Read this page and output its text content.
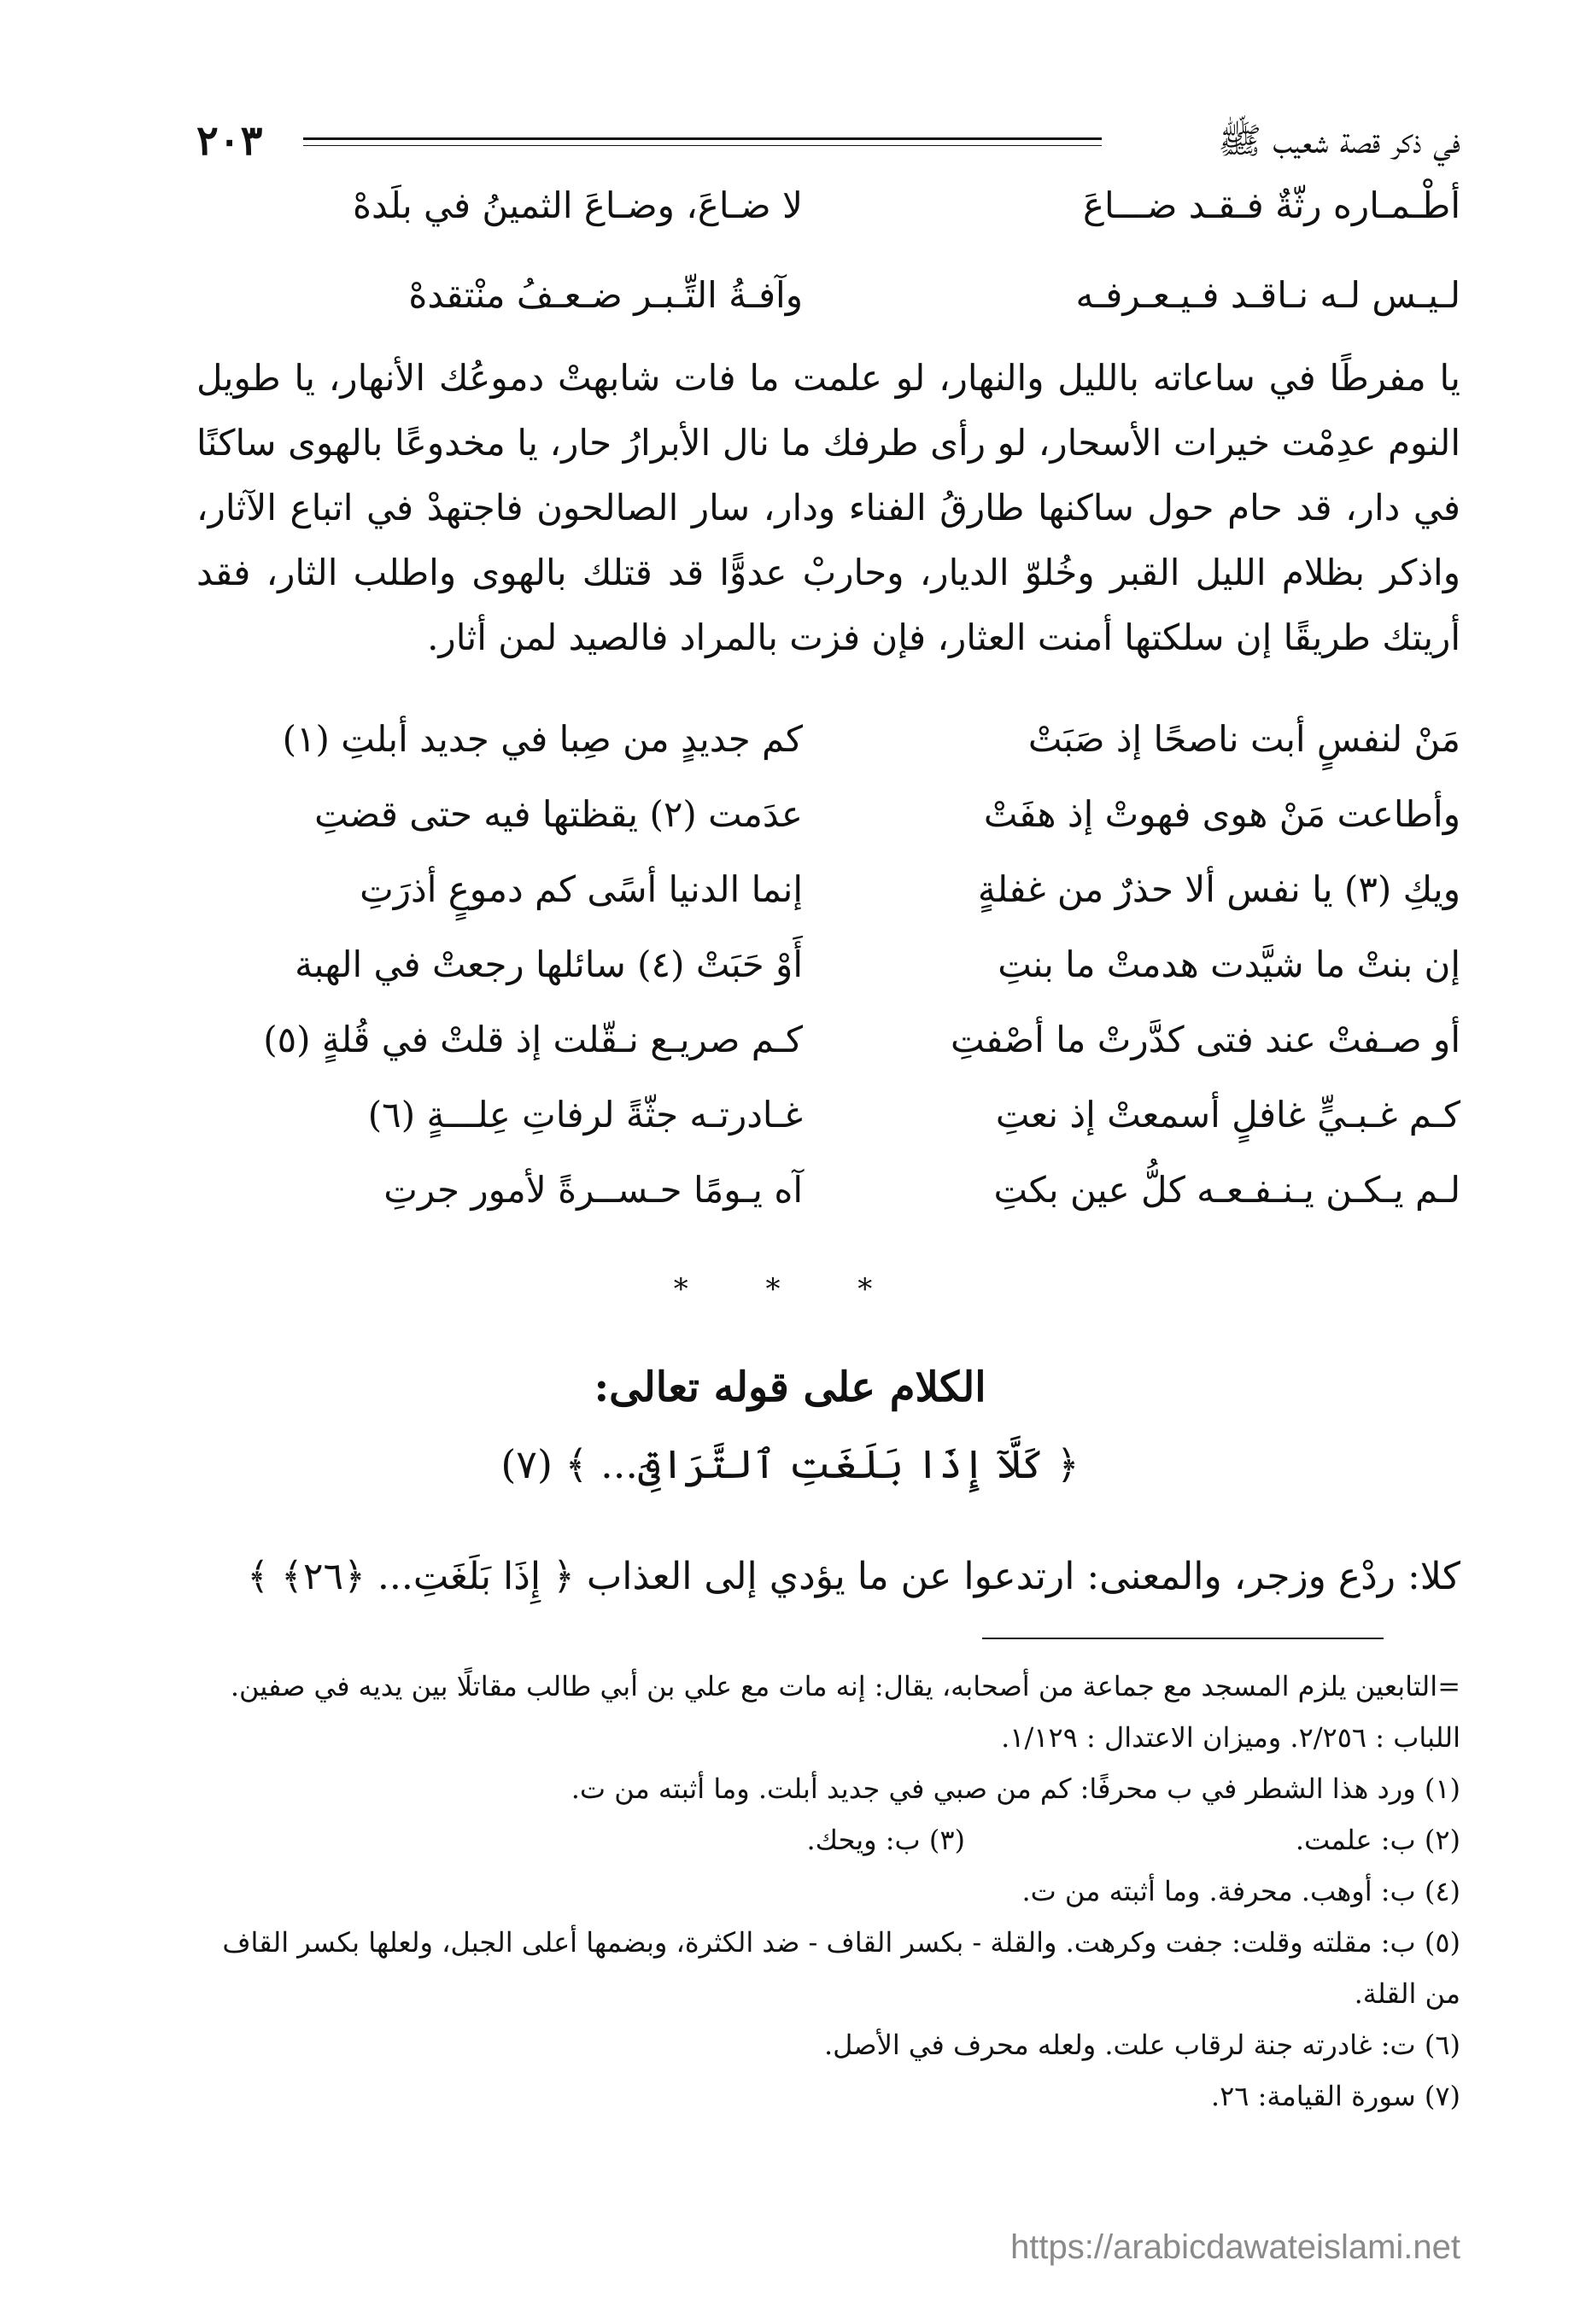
في ذكر قصة شعيب ﷺ
٢٠٣
أطْـمـاره رثّةٌ فـقـد ضـــاعَ
لا ضـاعَ، وضـاعَ الثمينُ في بلَدهْ
لـيـس لـه نـاقـد فـيـعـرفـه
وآفـةُ التِّـبـر ضـعـفُ منْتقدهْ

يا مفرطًا في ساعاته بالليل والنهار، لو علمت ما فات شابهتْ دموعُك الأنهار، يا طويل النوم عدِمْت خيرات الأسحار، لو رأى طرفك ما نال الأبرارُ حار، يا مخدوعًا بالهوى ساكنًا في دار، قد حام حول ساكنها طارقُ الفناء ودار، سار الصالحون فاجتهدْ في اتباع الآثار، واذكر بظلام الليل القبر وخُلوّ الديار، وحاربْ عدوًّا قد قتلك بالهوى واطلب الثار، فقد أريتك طريقًا إن سلكتها أمنت العثار، فإن فزت بالمراد فالصيد لمن أثار.

مَنْ لنفسٍ أبت ناصحًا إذ صَبَتْ
كم جديدٍ من صِبا في جديد أبلتِ (١)
وأطاعت مَنْ هوى فهوتْ إذ هفَتْ
عدَمت (٢) يقظتها فيه حتى قضتِ
ويكِ (٣) يا نفس ألا حذرٌ من غفلةٍ
إنما الدنيا أسًى كم دموعٍ أذرَتِ
إن بنتْ ما شيَّدت هدمتْ ما بنتِ
أَوْ حَبَتْ (٤) سائلها رجعتْ في الهبة
أو صـفتْ عند فتى كدَّرتْ ما أصْفتِ
كـم صريـع نـقّلت إذ قلتْ في قُلةٍ (٥)
كـم غـبـيٍّ غافلٍ أسمعتْ إذ نعتِ
غـادرتـه جثّةً لرفاتِ عِلـــةٍ (٦)
لـم يـكـن يـنـفـعـه كلُّ عين بكتِ
آه يـومًا حـســرةً لأمور جرتِ
* * *
الكلام على قوله تعالى:
﴿ كَلَّآ إِذَا بَلَغَتِ ٱلتَّرَاقِىَ... ﴾ (٧)
كلا: ردْع وزجر، والمعنى: ارتدعوا عن ما يؤدي إلى العذاب ﴿ إِذَا بَلَغَتِ... ﴿٢٦﴾ ﴾

=التابعين يلزم المسجد مع جماعة من أصحابه، يقال: إنه مات مع علي بن أبي طالب مقاتلًا بين يديه في صفين.

اللباب : ٢/٢٥٦. وميزان الاعتدال : ١/١٢٩.

(١) ورد هذا الشطر في ب محرفًا: كم من صبي في جديد أبلت. وما أثبته من ت.

(٢) ب: علمت.
(٣) ب: ويحك.

(٤) ب: أوهب. محرفة. وما أثبته من ت.

(٥) ب: مقلته وقلت: جفت وكرهت. والقلة - بكسر القاف - ضد الكثرة، وبضمها أعلى الجبل، ولعلها بكسر القاف من القلة.

(٦) ت: غادرته جنة لرقاب علت. ولعله محرف في الأصل.

(٧) سورة القيامة: ٢٦.

https://arabicdawateislami.net
